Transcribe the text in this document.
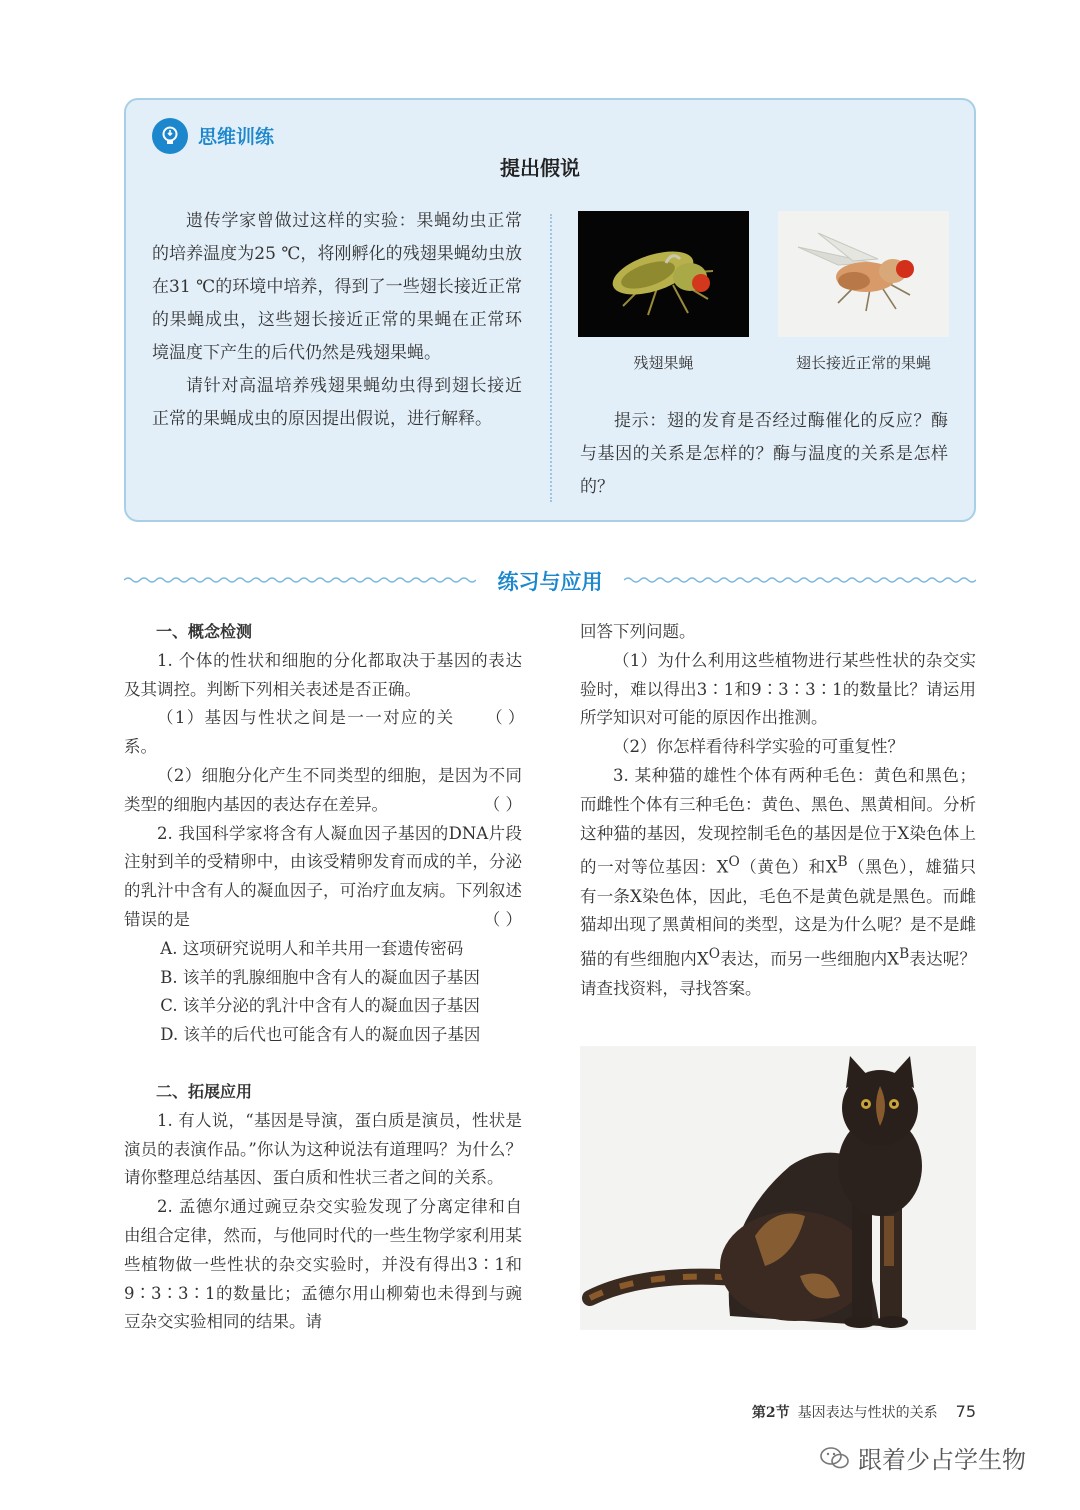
思维训练
提出假说

遗传学家曾做过这样的实验：果蝇幼虫正常的培养温度为25 ℃，将刚孵化的残翅果蝇幼虫放在31 ℃的环境中培养，得到了一些翅长接近正常的果蝇成虫，这些翅长接近正常的果蝇在正常环境温度下产生的后代仍然是残翅果蝇。

请针对高温培养残翅果蝇幼虫得到翅长接近正常的果蝇成虫的原因提出假说，进行解释。

残翅果蝇	翅长接近正常的果蝇

提示：翅的发育是否经过酶催化的反应？酶与基因的关系是怎样的？酶与温度的关系是怎样的？

练习与应用

一、概念检测

1. 个体的性状和细胞的分化都取决于基因的表达及其调控。判断下列相关表述是否正确。

（1）基因与性状之间是一一对应的关系。
（ ）

（2）细胞分化产生不同类型的细胞，是因为不同类型的细胞内基因的表达存在差异。	（ ）

2. 我国科学家将含有人凝血因子基因的DNA片段注射到羊的受精卵中，由该受精卵发育而成的羊，分泌的乳汁中含有人的凝血因子，可治疗血友病。下列叙述错误的是	（ ）

A. 这项研究说明人和羊共用一套遗传密码

B. 该羊的乳腺细胞中含有人的凝血因子基因

C. 该羊分泌的乳汁中含有人的凝血因子基因

D. 该羊的后代也可能含有人的凝血因子基因

二、拓展应用

1. 有人说，“基因是导演，蛋白质是演员，性状是演员的表演作品。”你认为这种说法有道理吗？为什么？请你整理总结基因、蛋白质和性状三者之间的关系。

2. 孟德尔通过豌豆杂交实验发现了分离定律和自由组合定律，然而，与他同时代的一些生物学家利用某些植物做一些性状的杂交实验时，并没有得出3∶1和9∶3∶3∶1的数量比；孟德尔用山柳菊也未得到与豌豆杂交实验相同的结果。请

回答下列问题。

（1）为什么利用这些植物进行某些性状的杂交实验时，难以得出3∶1和9∶3∶3∶1的数量比？请运用所学知识对可能的原因作出推测。

（2）你怎样看待科学实验的可重复性？

3. 某种猫的雄性个体有两种毛色：黄色和黑色；而雌性个体有三种毛色：黄色、黑色、黑黄相间。分析这种猫的基因，发现控制毛色的基因是位于X染色体上的一对等位基因：$X^O$（黄色）和$X^B$（黑色），雄猫只有一条X染色体，因此，毛色不是黄色就是黑色。而雌猫却出现了黑黄相间的类型，这是为什么呢？是不是雌猫的有些细胞内$X^O$表达，而另一些细胞内$X^B$表达呢？请查找资料，寻找答案。

第2节 基因表达与性状的关系 75
跟着少占学生物
